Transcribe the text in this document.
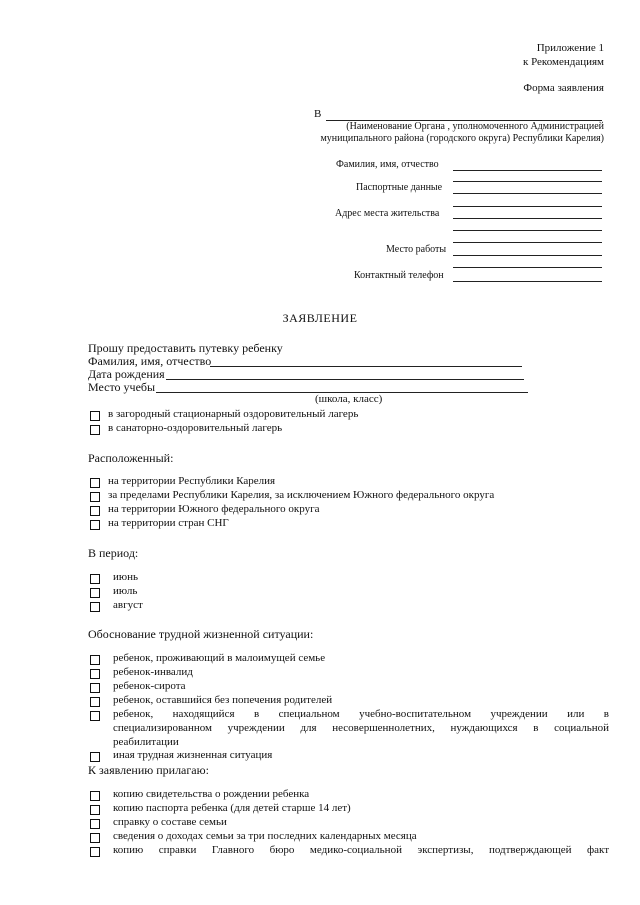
Приложение 1
к Рекомендациям
Форма заявления
В
(Наименование Органа , уполномоченного Администрацией
муниципального района (городского округа) Республики Карелия)
Фамилия, имя, отчество
Паспортные данные
Адрес места жительства
Место работы
Контактный телефон
ЗАЯВЛЕНИЕ
Прошу предоставить путевку ребенку
Фамилия, имя, отчество
Дата рождения
Место учебы
(школа, класс)
в загородный стационарный оздоровительный лагерь
в санаторно-оздоровительный лагерь
Расположенный:
на территории Республики Карелия
за пределами Республики Карелия, за исключением Южного федерального округа
на территории Южного федерального округа
на территории стран СНГ
В период:
июнь
июль
август
Обоснование трудной жизненной ситуации:
ребенок, проживающий в малоимущей семье
ребенок-инвалид
ребенок-сирота
ребенок, оставшийся без попечения родителей
ребенок, находящийся в специальном учебно-воспитательном учреждении или в
специализированном учреждении для несовершеннолетних, нуждающихся в социальной
реабилитации
иная трудная жизненная ситуация
К заявлению прилагаю:
копию свидетельства о рождении ребенка
копию паспорта ребенка (для детей старше 14 лет)
справку о составе семьи
сведения о доходах семьи за три последних календарных месяца
копию справки Главного бюро медико-социальной экспертизы, подтверждающей факт
